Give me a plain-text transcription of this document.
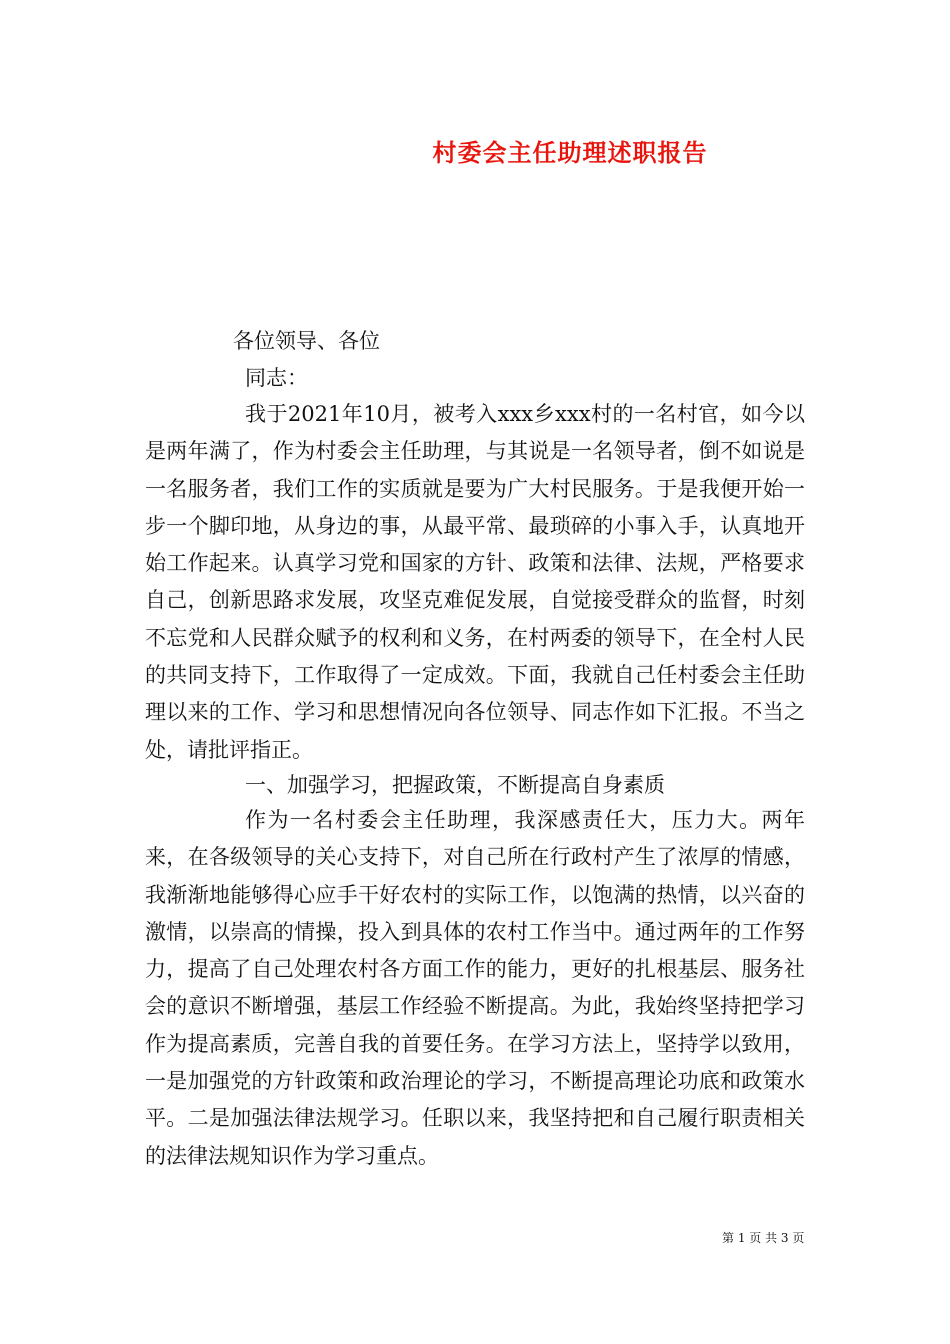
村委会主任助理述职报告
各位领导、各位
同志：

我于2021年10月，被考入xxx乡xxx村的一名村官，如今以是两年满了，作为村委会主任助理，与其说是一名领导者，倒不如说是一名服务者，我们工作的实质就是要为广大村民服务。于是我便开始一步一个脚印地，从身边的事，从最平常、最琐碎的小事入手，认真地开始工作起来。认真学习党和国家的方针、政策和法律、法规，严格要求自己，创新思路求发展，攻坚克难促发展，自觉接受群众的监督，时刻不忘党和人民群众赋予的权利和义务，在村两委的领导下，在全村人民的共同支持下，工作取得了一定成效。下面，我就自己任村委会主任助理以来的工作、学习和思想情况向各位领导、同志作如下汇报。不当之处，请批评指正。

一、加强学习，把握政策，不断提高自身素质

作为一名村委会主任助理，我深感责任大，压力大。两年来，在各级领导的关心支持下，对自己所在行政村产生了浓厚的情感，我渐渐地能够得心应手干好农村的实际工作，以饱满的热情，以兴奋的激情，以崇高的情操，投入到具体的农村工作当中。通过两年的工作努力，提高了自己处理农村各方面工作的能力，更好的扎根基层、服务社会的意识不断增强，基层工作经验不断提高。为此，我始终坚持把学习作为提高素质，完善自我的首要任务。在学习方法上，坚持学以致用，一是加强党的方针政策和政治理论的学习，不断提高理论功底和政策水平。二是加强法律法规学习。任职以来，我坚持把和自己履行职责相关的法律法规知识作为学习重点。

第 1 页 共 3 页
